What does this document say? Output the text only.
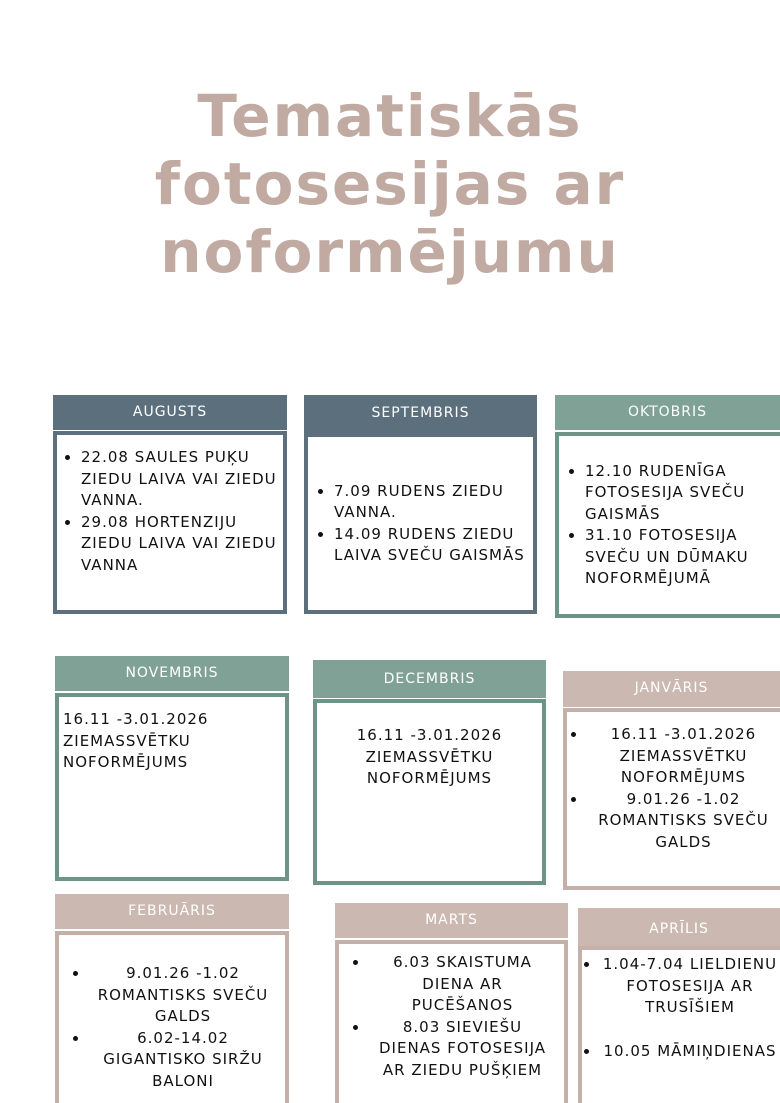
Tematiskās
fotosesijas ar
noformējumu
AUGUSTS
• 22.08 SAULES PUĶU ZIEDU LAIVA VAI ZIEDU VANNA.
• 29.08 HORTENZIJU ZIEDU LAIVA VAI ZIEDU VANNA
SEPTEMBRIS
• 7.09 RUDENS ZIEDU VANNA.
• 14.09 RUDENS ZIEDU LAIVA SVEČU GAISMĀS
OKTOBRIS
• 12.10 RUDENĪGA FOTOSESIJA SVEČU GAISMĀS
• 31.10 FOTOSESIJA SVEČU UN DŪMAKU NOFORMĒJUMĀ
NOVEMBRIS
16.11 -3.01.2026
ZIEMASSVĒTKU
NOFORMĒJUMS
DECEMBRIS
16.11 -3.01.2026
ZIEMASSVĒTKU
NOFORMĒJUMS
JANVĀRIS
• 16.11 -3.01.2026 ZIEMASSVĒTKU NOFORMĒJUMS
• 9.01.26 -1.02 ROMANTISKS SVEČU GALDS
FEBRUĀRIS
• 9.01.26 -1.02 ROMANTISKS SVEČU GALDS
• 6.02-14.02 GIGANTISKO SIRŽU BALONI
MARTS
• 6.03 SKAISTUMA DIENA AR PUCĒŠANOS
• 8.03 SIEVIEŠU DIENAS FOTOSESIJA AR ZIEDU PUŠĶIEM
APRĪLIS
• 1.04-7.04 LIELDIENU FOTOSESIJA AR TRUSĪŠIEM
• 10.05 MĀMIŅDIENAS
